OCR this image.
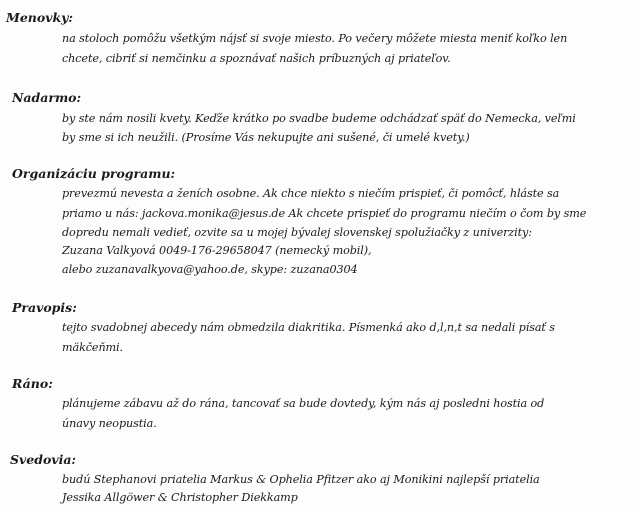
Menovky:
na stoloch pomôžu všetkým nájsť si svoje miesto. Po večery môžete miesta meniť koľko len
chcete, cibriť si nemčinku a spoznávať našich príbuzných aj priateľov.
Nadarmo:
by ste nám nosili kvety. Keďže krátko po svadbe budeme odchádzať späť do Nemecka, veľmi
by sme si ich neužili. (Prosíme Vás nekupujte ani sušené, či umelé kvety.)
Organizáciu programu:
prevezmú nevesta a ženích osobne. Ak chce niekto s niečím prispieť, či pomôcť, hláste sa
priamo u nás: jackova.monika@jesus.de Ak chcete prispieť do programu niečím o čom by sme
dopredu nemali vedieť, ozvite sa u mojej bývalej slovenskej spolužiačky z univerzity:
Zuzana Valkyová 0049-176-29658047 (nemecký mobil),
alebo zuzanavalkyova@yahoo.de, skype: zuzana0304
Pravopis:
tejto svadobnej abecedy nám obmedzila diakritika. Písmenká ako d,l,n,t sa nedali písať s
mäkčeňmi.
Ráno:
plánujeme zábavu až do rána, tancovať sa bude dovtedy, kým nás aj posledni hostia od
únavy neopustia.
Svedovia:
budú Stephanovi priatelia Markus & Ophelia Pfitzer ako aj Monikini najlepší priatelia
Jessika Allgöwer & Christopher Diekkamp
